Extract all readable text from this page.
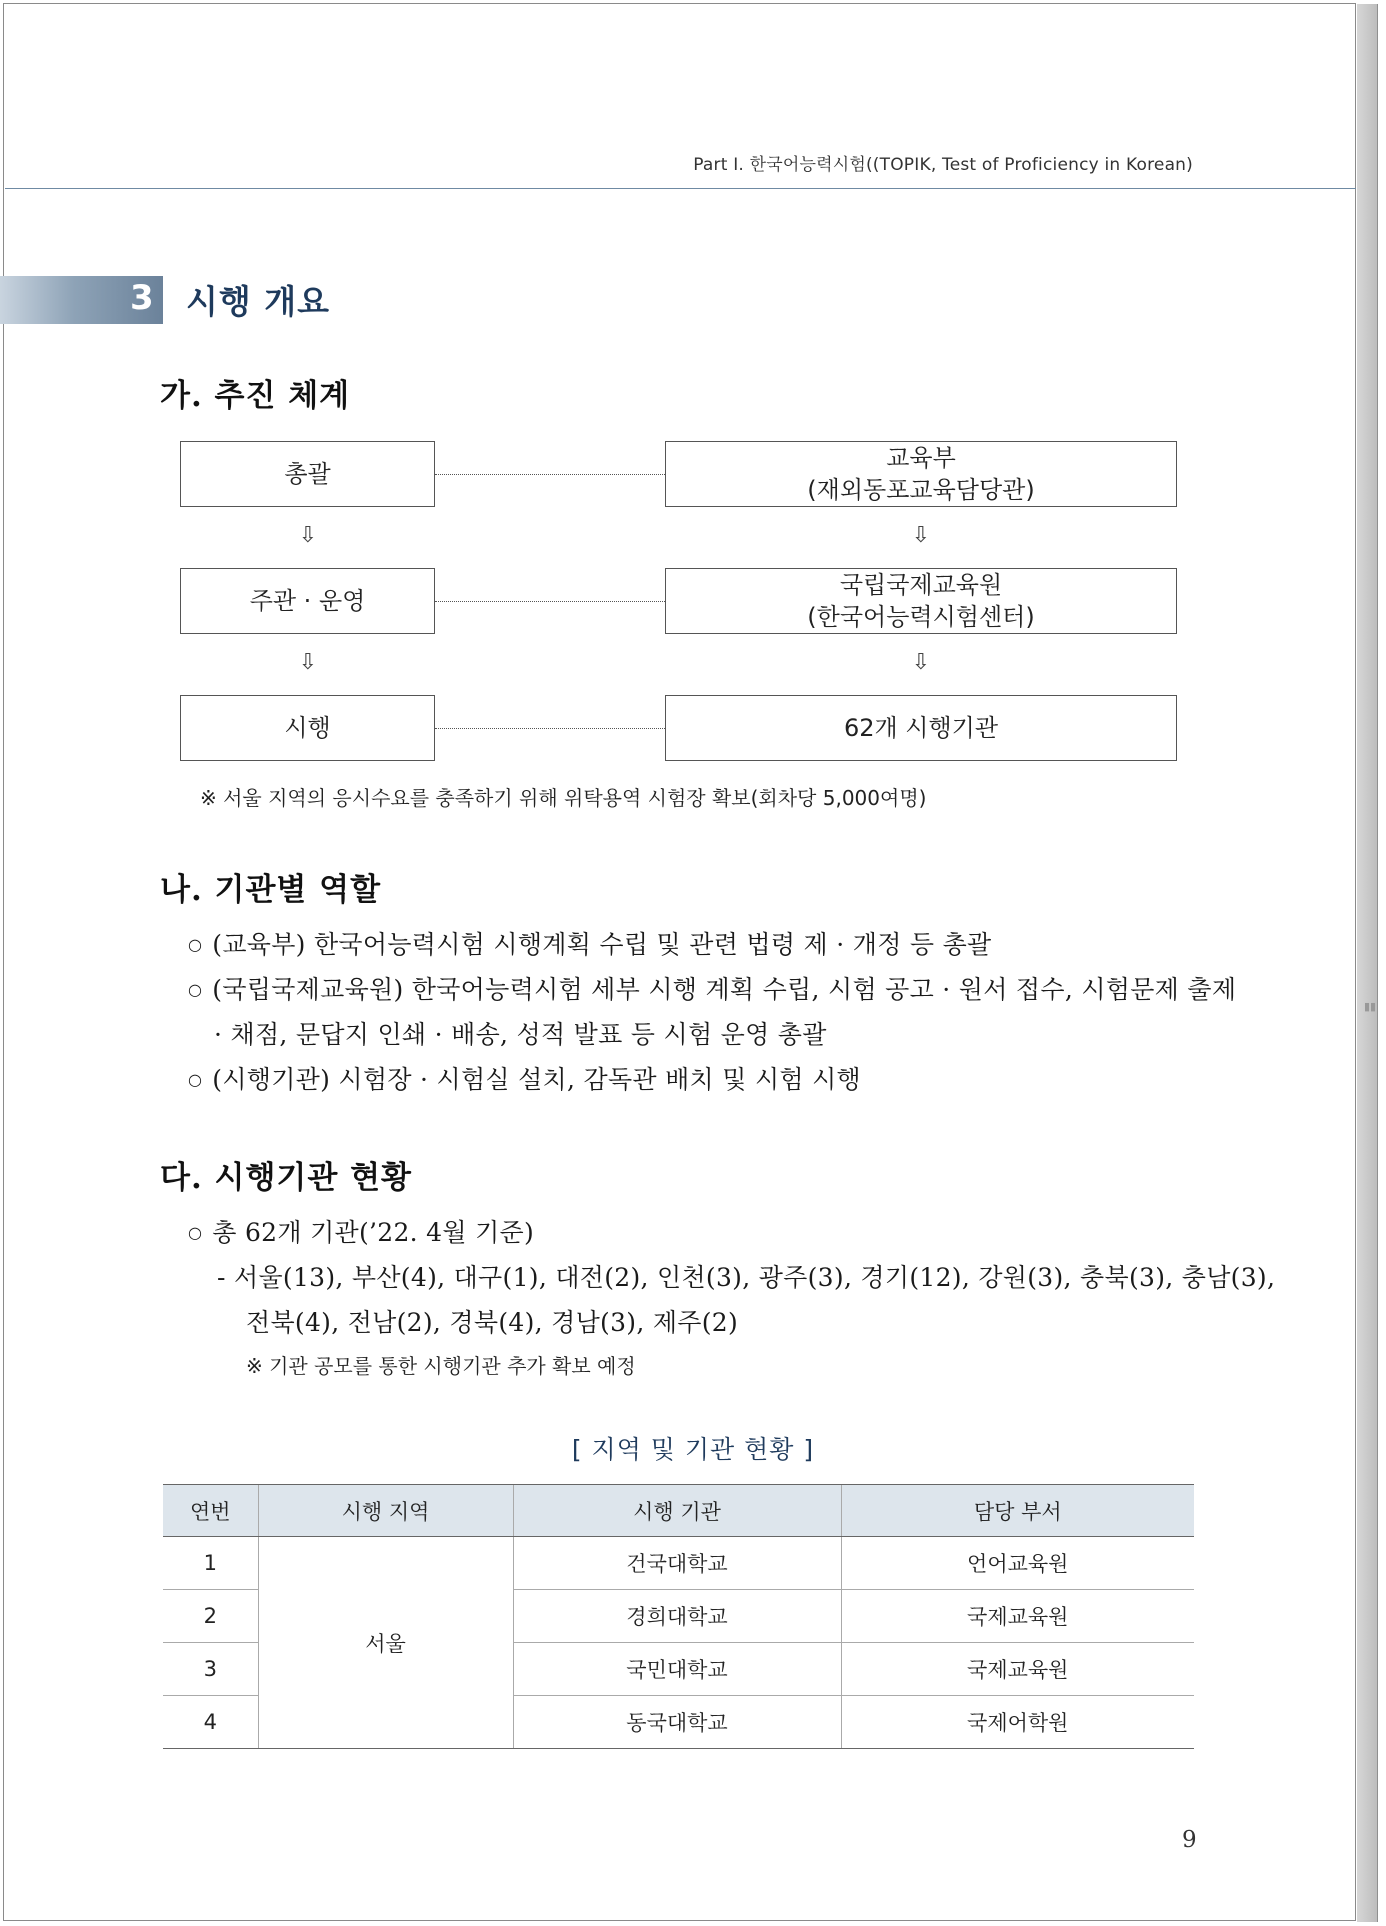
▮▮
Part Ⅰ. 한국어능력시험((TOPIK, Test of Proficiency in Korean)
3 시행 개요
가. 추진 체계
총괄
교육부
(재외동포교육담당관)
⇩	⇩
주관 · 운영
국립국제교육원
(한국어능력시험센터)
⇩	⇩
시행	62개 시행기관
※ 서울 지역의 응시수요를 충족하기 위해 위탁용역 시험장 확보(회차당 5,000여명)
나. 기관별 역할
○ (교육부) 한국어능력시험 시행계획 수립 및 관련 법령 제 · 개정 등 총괄
○ (국립국제교육원) 한국어능력시험 세부 시행 계획 수립, 시험 공고 · 원서 접수, 시험문제 출제
· 채점, 문답지 인쇄 · 배송, 성적 발표 등 시험 운영 총괄
○ (시행기관) 시험장 · 시험실 설치, 감독관 배치 및 시험 시행
다. 시행기관 현황
○ 총 62개 기관(’22. 4월 기준)
- 서울(13), 부산(4), 대구(1), 대전(2), 인천(3), 광주(3), 경기(12), 강원(3), 충북(3), 충남(3),
전북(4), 전남(2), 경북(4), 경남(3), 제주(2)
※ 기관 공모를 통한 시행기관 추가 확보 예정
[ 지역 및 기관 현황 ]
연번	시행 지역	시행 기관	담당 부서
1	서울	건국대학교	언어교육원
2		경희대학교	국제교육원
3		국민대학교	국제교육원
4		동국대학교	국제어학원
9
